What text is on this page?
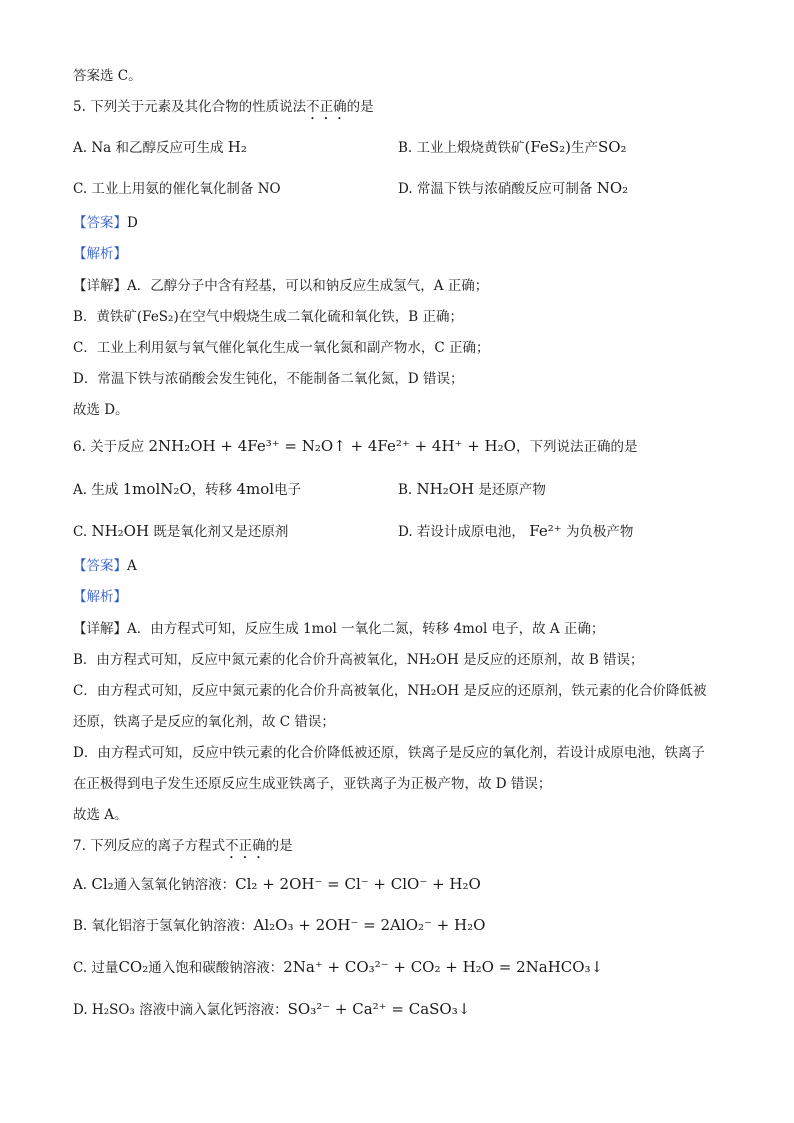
答案选 C。
5. 下列关于元素及其化合物的性质说法不正确的是
A. Na 和乙醇反应可生成 H₂	B. 工业上煅烧黄铁矿(FeS₂)生产SO₂
C. 工业上用氨的催化氧化制备 NO	D. 常温下铁与浓硝酸反应可制备 NO₂
【答案】D
【解析】
【详解】A．乙醇分子中含有羟基，可以和钠反应生成氢气，A 正确；
B．黄铁矿(FeS₂)在空气中煅烧生成二氧化硫和氧化铁，B 正确；
C．工业上利用氨与氧气催化氧化生成一氧化氮和副产物水，C 正确；
D．常温下铁与浓硝酸会发生钝化，不能制备二氧化氮，D 错误；
故选 D。
6. 关于反应 2NH₂OH + 4Fe³⁺ = N₂O↑ + 4Fe²⁺ + 4H⁺ + H₂O，下列说法正确的是
A. 生成 1molN₂O，转移 4mol电子	B. NH₂OH 是还原产物
C. NH₂OH 既是氧化剂又是还原剂	D. 若设计成原电池， Fe²⁺ 为负极产物
【答案】A
【解析】
【详解】A．由方程式可知，反应生成 1mol 一氧化二氮，转移 4mol 电子，故 A 正确；
B．由方程式可知，反应中氮元素的化合价升高被氧化，NH₂OH 是反应的还原剂，故 B 错误；
C．由方程式可知，反应中氮元素的化合价升高被氧化，NH₂OH 是反应的还原剂，铁元素的化合价降低被
还原，铁离子是反应的氧化剂，故 C 错误；
D．由方程式可知，反应中铁元素的化合价降低被还原，铁离子是反应的氧化剂，若设计成原电池，铁离子
在正极得到电子发生还原反应生成亚铁离子，亚铁离子为正极产物，故 D 错误；
故选 A。
7. 下列反应的离子方程式不正确的是
A. Cl₂通入氢氧化钠溶液：Cl₂ + 2OH⁻ = Cl⁻ + ClO⁻ + H₂O
B. 氧化铝溶于氢氧化钠溶液：Al₂O₃ + 2OH⁻ = 2AlO₂⁻ + H₂O
C. 过量CO₂通入饱和碳酸钠溶液：2Na⁺ + CO₃²⁻ + CO₂ + H₂O = 2NaHCO₃↓
D. H₂SO₃ 溶液中滴入氯化钙溶液：SO₃²⁻ + Ca²⁺ = CaSO₃↓
